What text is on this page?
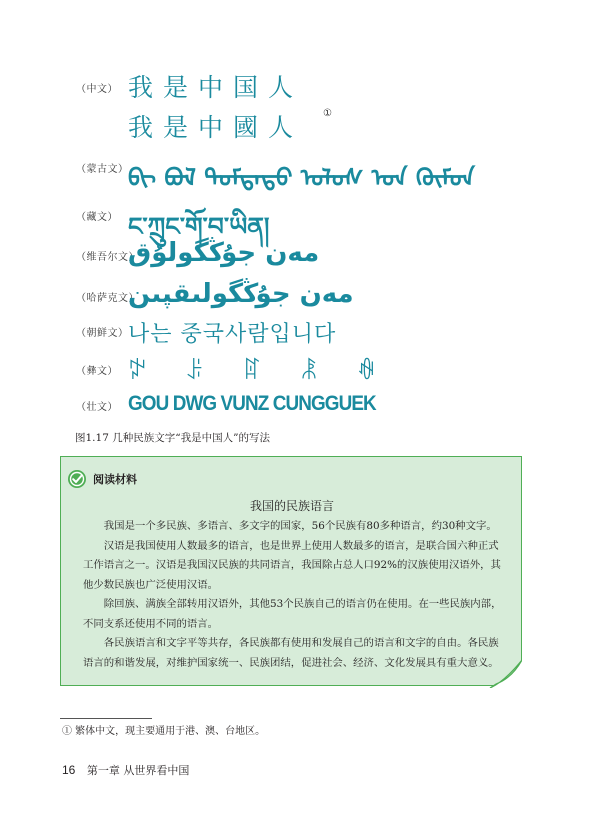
（中文） 我是中国人
我是中國人
（蒙古文） ᠪᠢ ᠪᠣᠯ ᠳᠤᠮᠳᠠᠳᠤ ᠤᠯᠤᠰ ᠤᠨ ᠬᠦᠮᠦᠨ
（藏文） ང་ཀྲུང་གོ་བ་ཡིན།
（维吾尔文）
مەن جۇڭگولۇق
（哈萨克文）
مەن جۇڭگولىقپىن
（朝鲜文） 나는 중국사람입니다
（彝文） ꉢ ꌠ ꍏ ꂿ ꊿ
（壮文） GOU DWG VUNZ CUNGGUEK
①
图1.17 几种民族文字“我是中国人”的写法
阅读材料
我国的民族语言

我国是一个多民族、多语言、多文字的国家，56个民族有80多种语言，约30种文字。

汉语是我国使用人数最多的语言，也是世界上使用人数最多的语言，是联合国六种正式工作语言之一。汉语是我国汉民族的共同语言，我国除占总人口92%的汉族使用汉语外，其他少数民族也广泛使用汉语。

除回族、满族全部转用汉语外，其他53个民族自己的语言仍在使用。在一些民族内部，不同支系还使用不同的语言。

各民族语言和文字平等共存，各民族都有使用和发展自己的语言和文字的自由。各民族语言的和谐发展，对维护国家统一、民族团结，促进社会、经济、文化发展具有重大意义。

① 繁体中文，现主要通用于港、澳、台地区。
16 第一章 从世界看中国
